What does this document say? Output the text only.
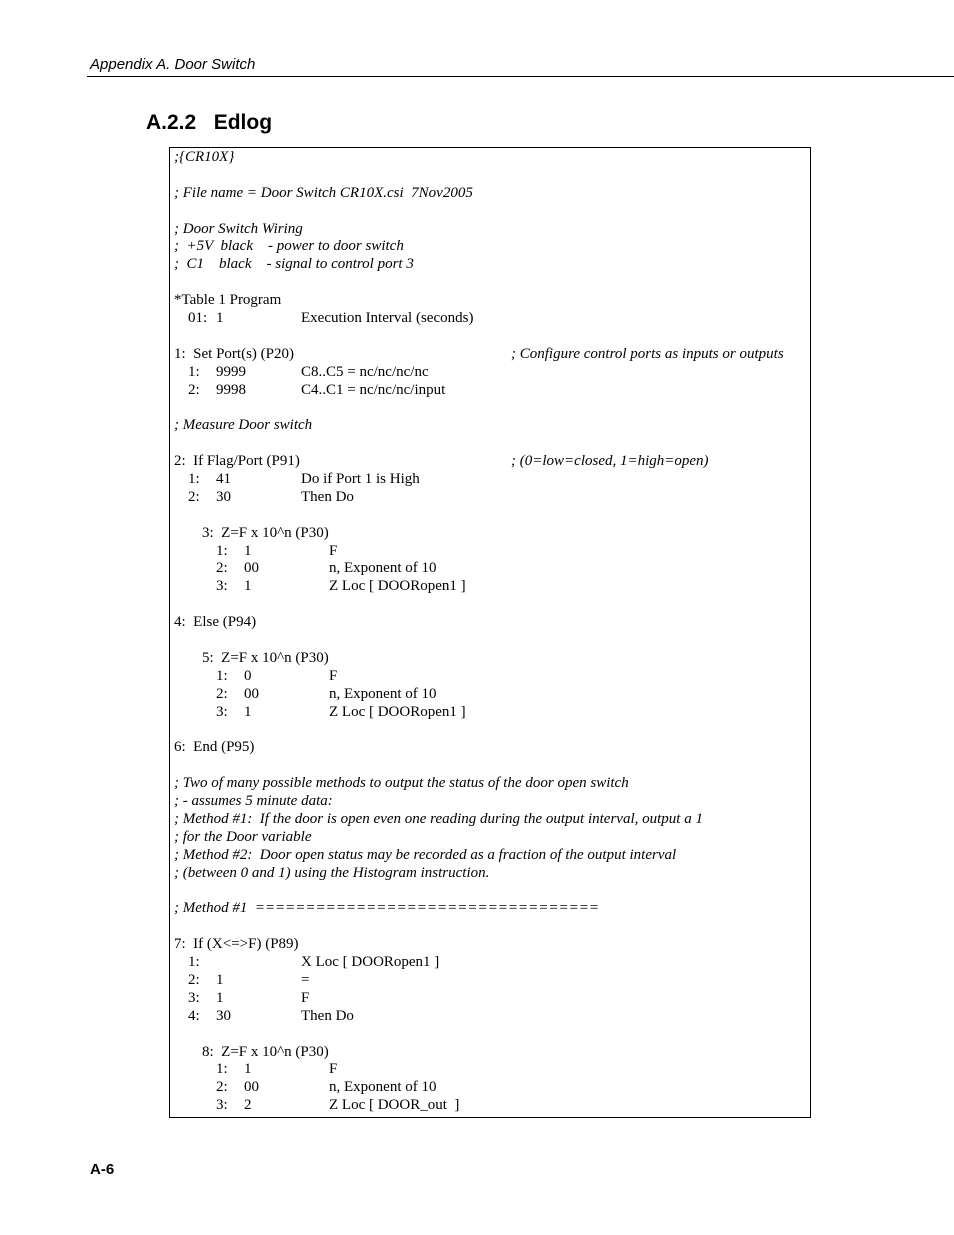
Appendix A. Door Switch
A.2.2   Edlog
;{CR10X}
; File name = Door Switch CR10X.csi  7Nov2005
; Door Switch Wiring
;  +5V  black    - power to door switch
;  C1    black    - signal to control port 3
*Table 1 Program
01: 1	Execution Interval (seconds)
1:  Set Port(s) (P20)	; Configure control ports as inputs or outputs
1: 9999	C8..C5 = nc/nc/nc/nc
2: 9998	C4..C1 = nc/nc/nc/input
; Measure Door switch
2:  If Flag/Port (P91)	; (0=low=closed, 1=high=open)
1: 41	Do if Port 1 is High
2: 30	Then Do
3:  Z=F x 10^n (P30)
1: 1	F
2: 00	n, Exponent of 10
3: 1	Z Loc [ DOORopen1 ]
4:  Else (P94)
5:  Z=F x 10^n (P30)
1: 0	F
2: 00	n, Exponent of 10
3: 1	Z Loc [ DOORopen1 ]
6:  End (P95)
; Two of many possible methods to output the status of the door open switch
; - assumes 5 minute data:
; Method #1:  If the door is open even one reading during the output interval, output a 1
; for the Door variable
; Method #2:  Door open status may be recorded as a fraction of the output interval
; (between 0 and 1) using the Histogram instruction.
; Method #1  ==================================
7:  If (X<=>F) (P89)
1:	X Loc [ DOORopen1 ]
2: 1	=
3: 1	F
4: 30	Then Do
8:  Z=F x 10^n (P30)
1: 1	F
2: 00	n, Exponent of 10
3: 2	Z Loc [ DOOR_out  ]
A-6
